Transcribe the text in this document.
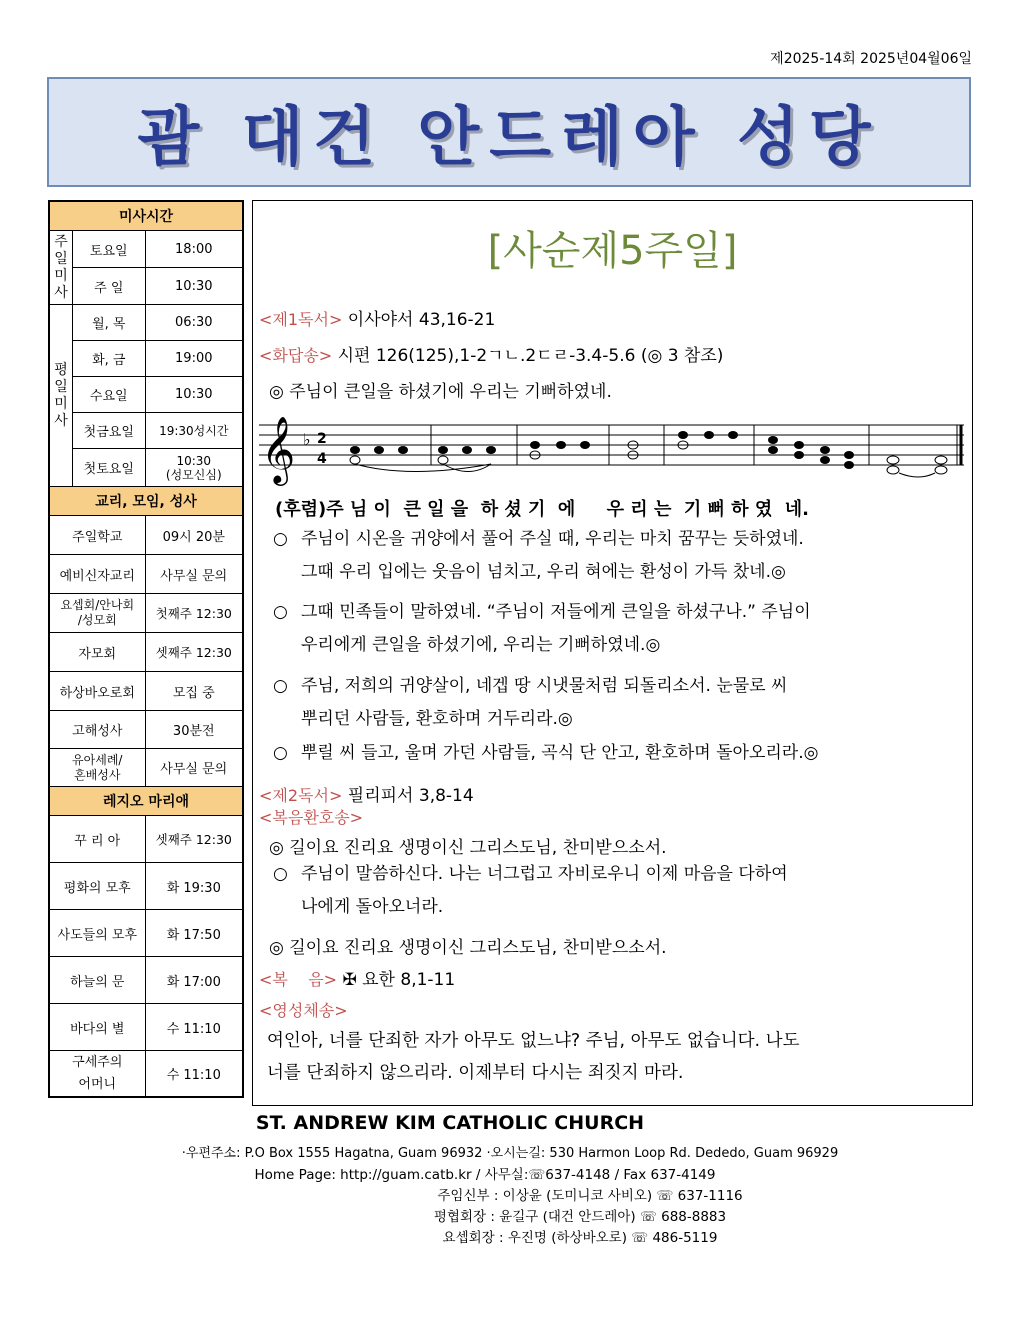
제2025-14회 2025년04월06일
괌 대건 안드레아 성당
미사시간		
주
일
미
사	토요일	18:00
	주 일	10:30
평
일
미
사	월, 목	06:30
	화, 금	19:00
	수요일	10:30
	첫금요일	19:30성시간
	첫토요일	10:30
(성모신심)
교리, 모임, 성사		
주일학교		09시 20분
예비신자교리		사무실 문의
요셉회/안나회
/성모회		첫째주 12:30
자모회		셋째주 12:30
하상바오로회		모집 중
고해성사		30분전
유아세례/
혼배성사		사무실 문의
레지오 마리애		
꾸 리 아		셋째주 12:30
평화의 모후		화 19:30
사도들의 모후		화 17:50
하늘의 문		화 17:00
바다의 별		수 11:10
구세주의
어머니		수 11:10
[사순제5주일]
<제1독서> 이사야서 43,16-21
<화답송> 시편 126(125),1-2ㄱㄴ.2ㄷㄹ-3.4-5.6 (◎ 3 참조)
◎ 주님이 큰일을 하셨기에 우리는 기뻐하였네.
𝄞 ♭ 2
4
(후렴)주 님 이  큰 일 을  하 셨 기  에     우 리 는  기 뻐 하 였  네.
○ 주님이 시온을 귀양에서 풀어 주실 때, 우리는 마치 꿈꾸는 듯하였네.
그때 우리 입에는 웃음이 넘치고, 우리 혀에는 환성이 가득 찼네.◎
○ 그때 민족들이 말하였네. “주님이 저들에게 큰일을 하셨구나.” 주님이
우리에게 큰일을 하셨기에, 우리는 기뻐하였네.◎
○ 주님, 저희의 귀양살이, 네겝 땅 시냇물처럼 되돌리소서. 눈물로 씨
뿌리던 사람들, 환호하며 거두리라.◎
○ 뿌릴 씨 들고, 울며 가던 사람들, 곡식 단 안고, 환호하며 돌아오리라.◎
<제2독서> 필리피서 3,8-14
<복음환호송>
◎ 길이요 진리요 생명이신 그리스도님, 찬미받으소서.
○ 주님이 말씀하신다. 나는 너그럽고 자비로우니 이제 마음을 다하여
나에게 돌아오너라.
◎ 길이요 진리요 생명이신 그리스도님, 찬미받으소서.
<복    음> ✠ 요한 8,1-11
<영성체송>
여인아, 너를 단죄한 자가 아무도 없느냐? 주님, 아무도 없습니다. 나도
너를 단죄하지 않으리라. 이제부터 다시는 죄짓지 마라.
ST. ANDREW KIM CATHOLIC CHURCH
·우편주소: P.O Box 1555 Hagatna, Guam 96932 ·오시는길: 530 Harmon Loop Rd. Dededo, Guam 96929
Home Page: http://guam.catb.kr / 사무실:☏637-4148 / Fax 637-4149
주임신부 : 이상윤 (도미니코 사비오) ☏ 637-1116
평협회장 : 윤길구 (대건 안드레아) ☏ 688-8883
요셉회장 : 우진명 (하상바오로) ☏ 486-5119
